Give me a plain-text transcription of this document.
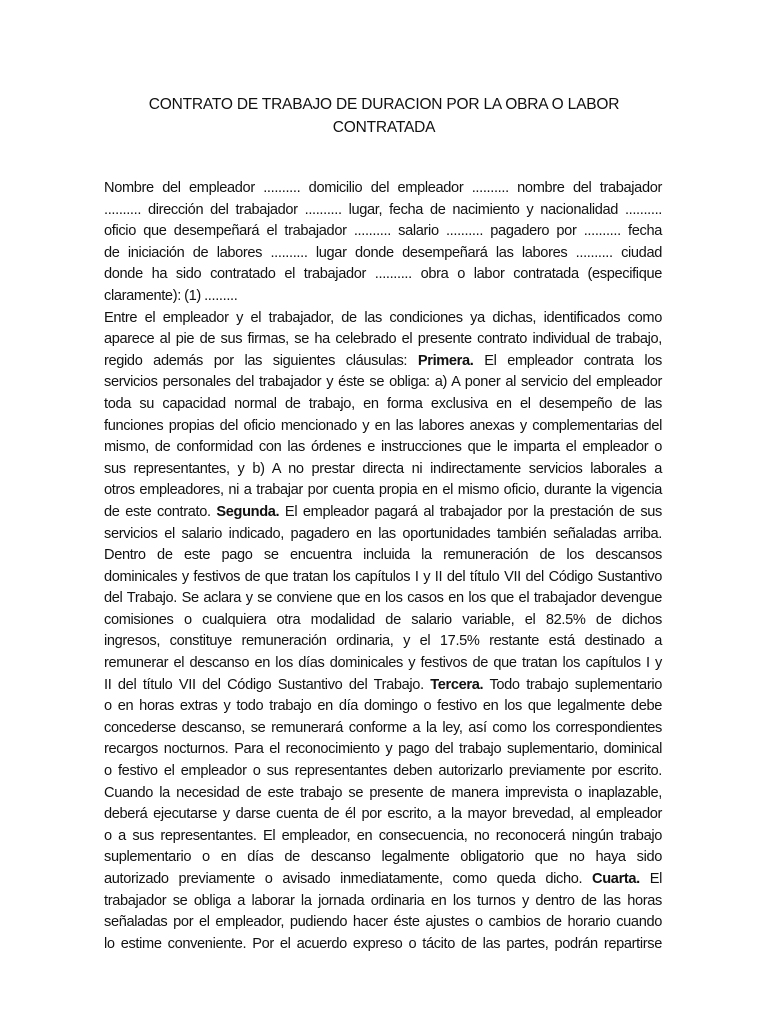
CONTRATO DE TRABAJO DE DURACION POR LA OBRA O LABOR
CONTRATADA
Nombre del empleador .......... domicilio del empleador .......... nombre del trabajador
.......... dirección del trabajador .......... lugar, fecha de nacimiento y nacionalidad ..........
oficio que desempeñará el trabajador .......... salario .......... pagadero por .......... fecha
de iniciación de labores .......... lugar donde desempeñará las labores .......... ciudad
donde ha sido contratado el trabajador .......... obra o labor contratada (especifique
claramente): (1) .........
Entre el empleador y el trabajador, de las condiciones ya dichas, identificados como
aparece al pie de sus firmas, se ha celebrado el presente contrato individual de trabajo,
regido además por las siguientes cláusulas: Primera. El empleador contrata los
servicios personales del trabajador y éste se obliga: a) A poner al servicio del empleador
toda su capacidad normal de trabajo, en forma exclusiva en el desempeño de las
funciones propias del oficio mencionado y en las labores anexas y complementarias del
mismo, de conformidad con las órdenes e instrucciones que le imparta el empleador o
sus representantes, y b) A no prestar directa ni indirectamente servicios laborales a
otros empleadores, ni a trabajar por cuenta propia en el mismo oficio, durante la vigencia
de este contrato. Segunda. El empleador pagará al trabajador por la prestación de sus
servicios el salario indicado, pagadero en las oportunidades también señaladas arriba.
Dentro de este pago se encuentra incluida la remuneración de los descansos
dominicales y festivos de que tratan los capítulos I y II del título VII del Código Sustantivo
del Trabajo. Se aclara y se conviene que en los casos en los que el trabajador devengue
comisiones o cualquiera otra modalidad de salario variable, el 82.5% de dichos
ingresos, constituye remuneración ordinaria, y el 17.5% restante está destinado a
remunerar el descanso en los días dominicales y festivos de que tratan los capítulos I y
II del título VII del Código Sustantivo del Trabajo. Tercera. Todo trabajo suplementario
o en horas extras y todo trabajo en día domingo o festivo en los que legalmente debe
concederse descanso, se remunerará conforme a la ley, así como los correspondientes
recargos nocturnos. Para el reconocimiento y pago del trabajo suplementario, dominical
o festivo el empleador o sus representantes deben autorizarlo previamente por escrito.
Cuando la necesidad de este trabajo se presente de manera imprevista o inaplazable,
deberá ejecutarse y darse cuenta de él por escrito, a la mayor brevedad, al empleador
o a sus representantes. El empleador, en consecuencia, no reconocerá ningún trabajo
suplementario o en días de descanso legalmente obligatorio que no haya sido
autorizado previamente o avisado inmediatamente, como queda dicho. Cuarta. El
trabajador se obliga a laborar la jornada ordinaria en los turnos y dentro de las horas
señaladas por el empleador, pudiendo hacer éste ajustes o cambios de horario cuando
lo estime conveniente. Por el acuerdo expreso o tácito de las partes, podrán repartirse
